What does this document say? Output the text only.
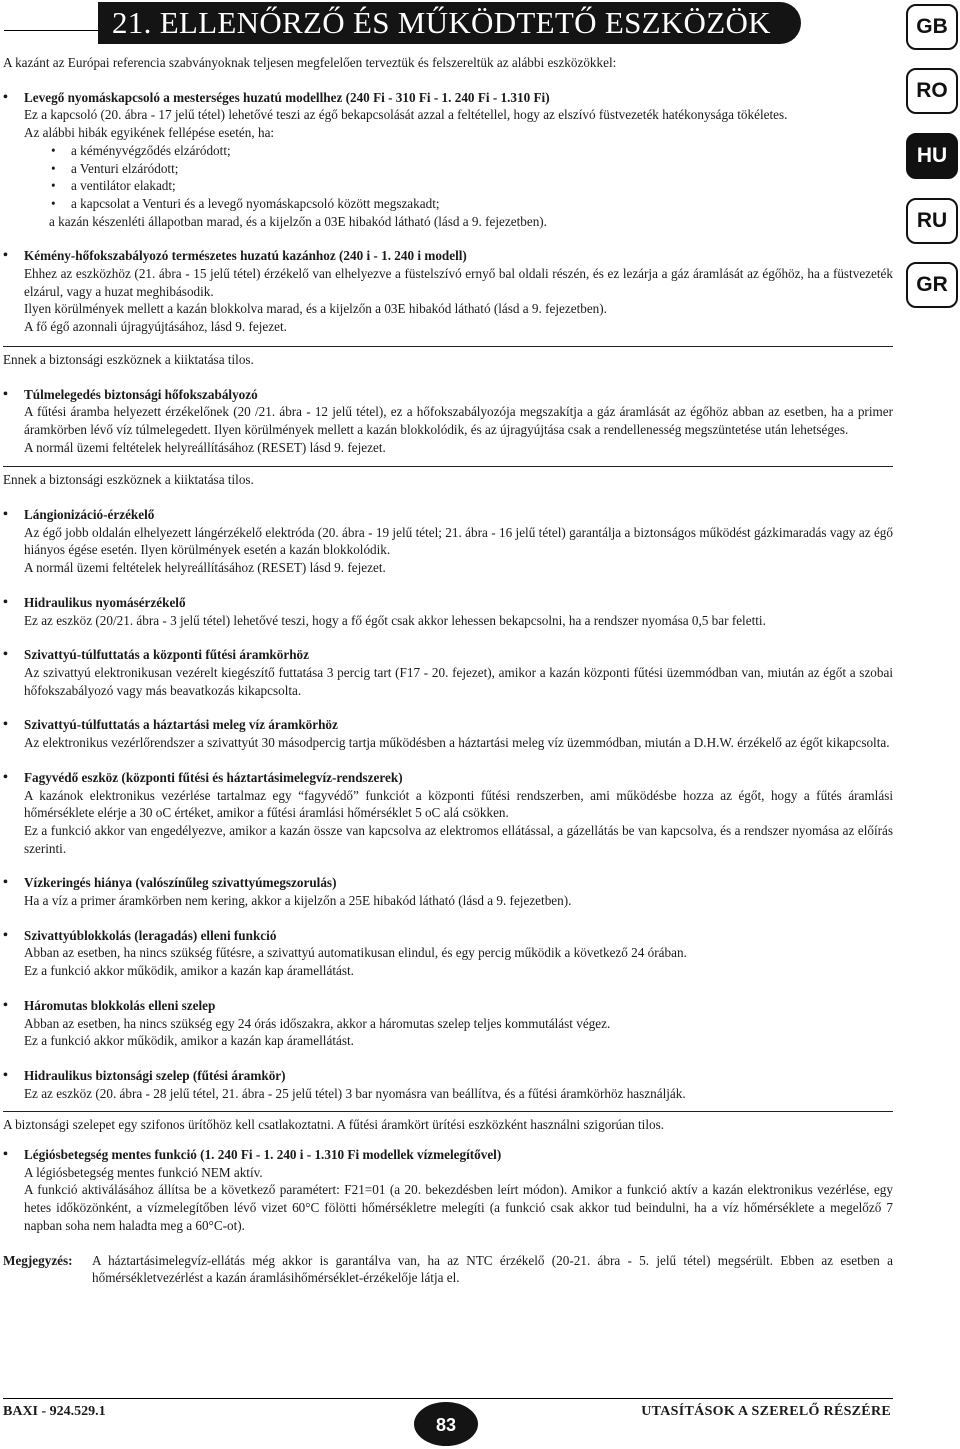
21. ELLENŐRZŐ ÉS MŰKÖDTETŐ ESZKÖZÖK	GB
RO
HU
RU
GR

A kazánt az Európai referencia szabványoknak teljesen megfelelően terveztük és felszereltük az alábbi eszközökkel:

• Levegő nyomáskapcsoló a mesterséges huzatú modellhez (240 Fi - 310 Fi - 1. 240 Fi - 1.310 Fi)

Ez a kapcsoló (20. ábra - 17 jelű tétel) lehetővé teszi az égő bekapcsolását azzal a feltétellel, hogy az elszívó füstvezeték hatékonysága tökéletes.

Az alábbi hibák egyikének fellépése esetén, ha:

• a kéményvégződés elzáródott;

• a Venturi elzáródott;

• a ventilátor elakadt;

• a kapcsolat a Venturi és a levegő nyomáskapcsoló között megszakadt;

a kazán készenléti állapotban marad, és a kijelzőn a 03E hibakód látható (lásd a 9. fejezetben).

• Kémény-hőfokszabályozó természetes huzatú kazánhoz (240 i - 1. 240 i modell)

Ehhez az eszközhöz (21. ábra - 15 jelű tétel) érzékelő van elhelyezve a füstelszívó ernyő bal oldali részén, és ez lezárja a gáz áramlását az égőhöz, ha a füstvezeték elzárul, vagy a huzat meghibásodik.

Ilyen körülmények mellett a kazán blokkolva marad, és a kijelzőn a 03E hibakód látható (lásd a 9. fejezetben).

A fő égő azonnali újragyújtásához, lásd 9. fejezet.

Ennek a biztonsági eszköznek a kiiktatása tilos.

• Túlmelegedés biztonsági hőfokszabályozó

A fűtési áramba helyezett érzékelőnek (20 /21. ábra - 12 jelű tétel), ez a hőfokszabályozója megszakítja a gáz áramlását az égőhöz abban az esetben, ha a primer áramkörben lévő víz túlmelegedett. Ilyen körülmények mellett a kazán blokkolódik, és az újragyújtása csak a rendellenesség megszüntetése után lehetséges.

A normál üzemi feltételek helyreállításához (RESET) lásd 9. fejezet.

Ennek a biztonsági eszköznek a kiiktatása tilos.

• Lángionizáció-érzékelő

Az égő jobb oldalán elhelyezett lángérzékelő elektróda (20. ábra - 19 jelű tétel; 21. ábra - 16 jelű tétel) garantálja a biztonságos működést gázkimaradás vagy az égő hiányos égése esetén. Ilyen körülmények esetén a kazán blokkolódik.

A normál üzemi feltételek helyreállításához (RESET) lásd 9. fejezet.

• Hidraulikus nyomásérzékelő

Ez az eszköz (20/21. ábra - 3 jelű tétel) lehetővé teszi, hogy a fő égőt csak akkor lehessen bekapcsolni, ha a rendszer nyomása 0,5 bar feletti.

• Szivattyú-túlfuttatás a központi fűtési áramkörhöz

Az szivattyú elektronikusan vezérelt kiegészítő futtatása 3 percig tart (F17 - 20. fejezet), amikor a kazán központi fűtési üzemmódban van, miután az égőt a szobai hőfokszabályozó vagy más beavatkozás kikapcsolta.

• Szivattyú-túlfuttatás a háztartási meleg víz áramkörhöz

Az elektronikus vezérlőrendszer a szivattyút 30 másodpercig tartja működésben a háztartási meleg víz üzemmódban, miután a D.H.W. érzékelő az égőt kikapcsolta.

• Fagyvédő eszköz (központi fűtési és háztartásimelegvíz-rendszerek)

A kazánok elektronikus vezérlése tartalmaz egy “fagyvédő” funkciót a központi fűtési rendszerben, ami működésbe hozza az égőt, hogy a fűtés áramlási hőmérséklete elérje a 30 oC értéket, amikor a fűtési áramlási hőmérséklet 5 oC alá csökken.

Ez a funkció akkor van engedélyezve, amikor a kazán össze van kapcsolva az elektromos ellátással, a gázellátás be van kapcsolva, és a rendszer nyomása az előírás szerinti.

• Vízkeringés hiánya (valószínűleg szivattyúmegszorulás)

Ha a víz a primer áramkörben nem kering, akkor a kijelzőn a 25E hibakód látható (lásd a 9. fejezetben).

• Szivattyúblokkolás (leragadás) elleni funkció

Abban az esetben, ha nincs szükség fűtésre, a szivattyú automatikusan elindul, és egy percig működik a következő 24 órában.

Ez a funkció akkor működik, amikor a kazán kap áramellátást.

• Háromutas blokkolás elleni szelep

Abban az esetben, ha nincs szükség egy 24 órás időszakra, akkor a háromutas szelep teljes kommutálást végez.

Ez a funkció akkor működik, amikor a kazán kap áramellátást.

• Hidraulikus biztonsági szelep (fűtési áramkör)

Ez az eszköz (20. ábra - 28 jelű tétel, 21. ábra - 25 jelű tétel) 3 bar nyomásra van beállítva, és a fűtési áramkörhöz használják.

A biztonsági szelepet egy szifonos ürítőhöz kell csatlakoztatni. A fűtési áramkört ürítési eszközként használni szigorúan tilos.

• Légiósbetegség mentes funkció (1. 240 Fi - 1. 240 i - 1.310 Fi modellek vízmelegítővel)

A légiósbetegség mentes funkció NEM aktív.

A funkció aktiválásához állítsa be a következő paramétert: F21=01 (a 20. bekezdésben leírt módon). Amikor a funkció aktív a kazán elektronikus vezérlése, egy hetes időközönként, a vízmelegítőben lévő vizet 60°C fölötti hőmérsékletre melegíti (a funkció csak akkor tud beindulni, ha a víz hőmérséklete a megelőző 7 napban soha nem haladta meg a 60°C-ot).

Megjegyzés:	A háztartásimelegvíz-ellátás még akkor is garantálva van, ha az NTC érzékelő (20-21. ábra - 5. jelű tétel) megsérült. Ebben az esetben a hőmérsékletvezérlést a kazán áramlásihőmérséklet-érzékelője látja el.
BAXI - 924.529.1
83
UTASÍTÁSOK A SZERELŐ RÉSZÉRE
